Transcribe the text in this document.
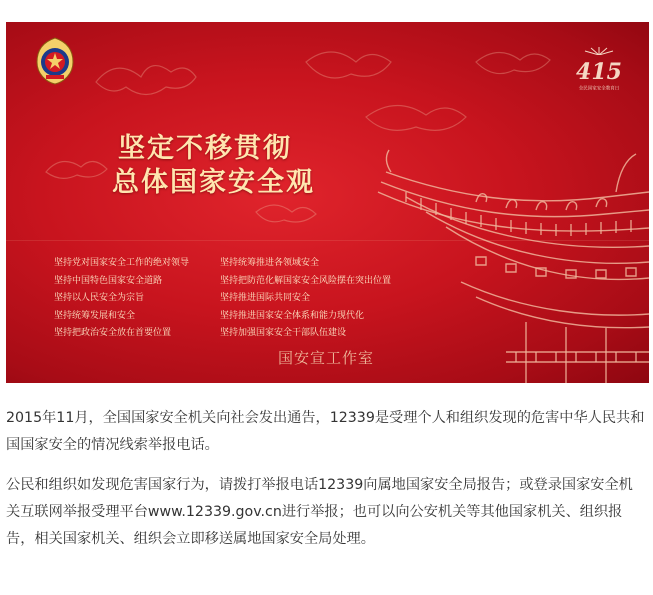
415
全民国家安全教育日
坚定不移贯彻
总体国家安全观
坚持党对国家安全工作的绝对领导
坚持中国特色国家安全道路
坚持以人民安全为宗旨
坚持统筹发展和安全
坚持把政治安全放在首要位置
坚持统筹推进各领域安全
坚持把防范化解国家安全风险摆在突出位置
坚持推进国际共同安全
坚持推进国家安全体系和能力现代化
坚持加强国家安全干部队伍建设
国安宣工作室

2015年11月，全国国家安全机关向社会发出通告，12339是受理个人和组织发现的危害中华人民共和国国家安全的情况线索举报电话。

公民和组织如发现危害国家行为，请拨打举报电话12339向属地国家安全局报告；或登录国家安全机关互联网举报受理平台www.12339.gov.cn进行举报；也可以向公安机关等其他国家机关、组织报告，相关国家机关、组织会立即移送属地国家安全局处理。
